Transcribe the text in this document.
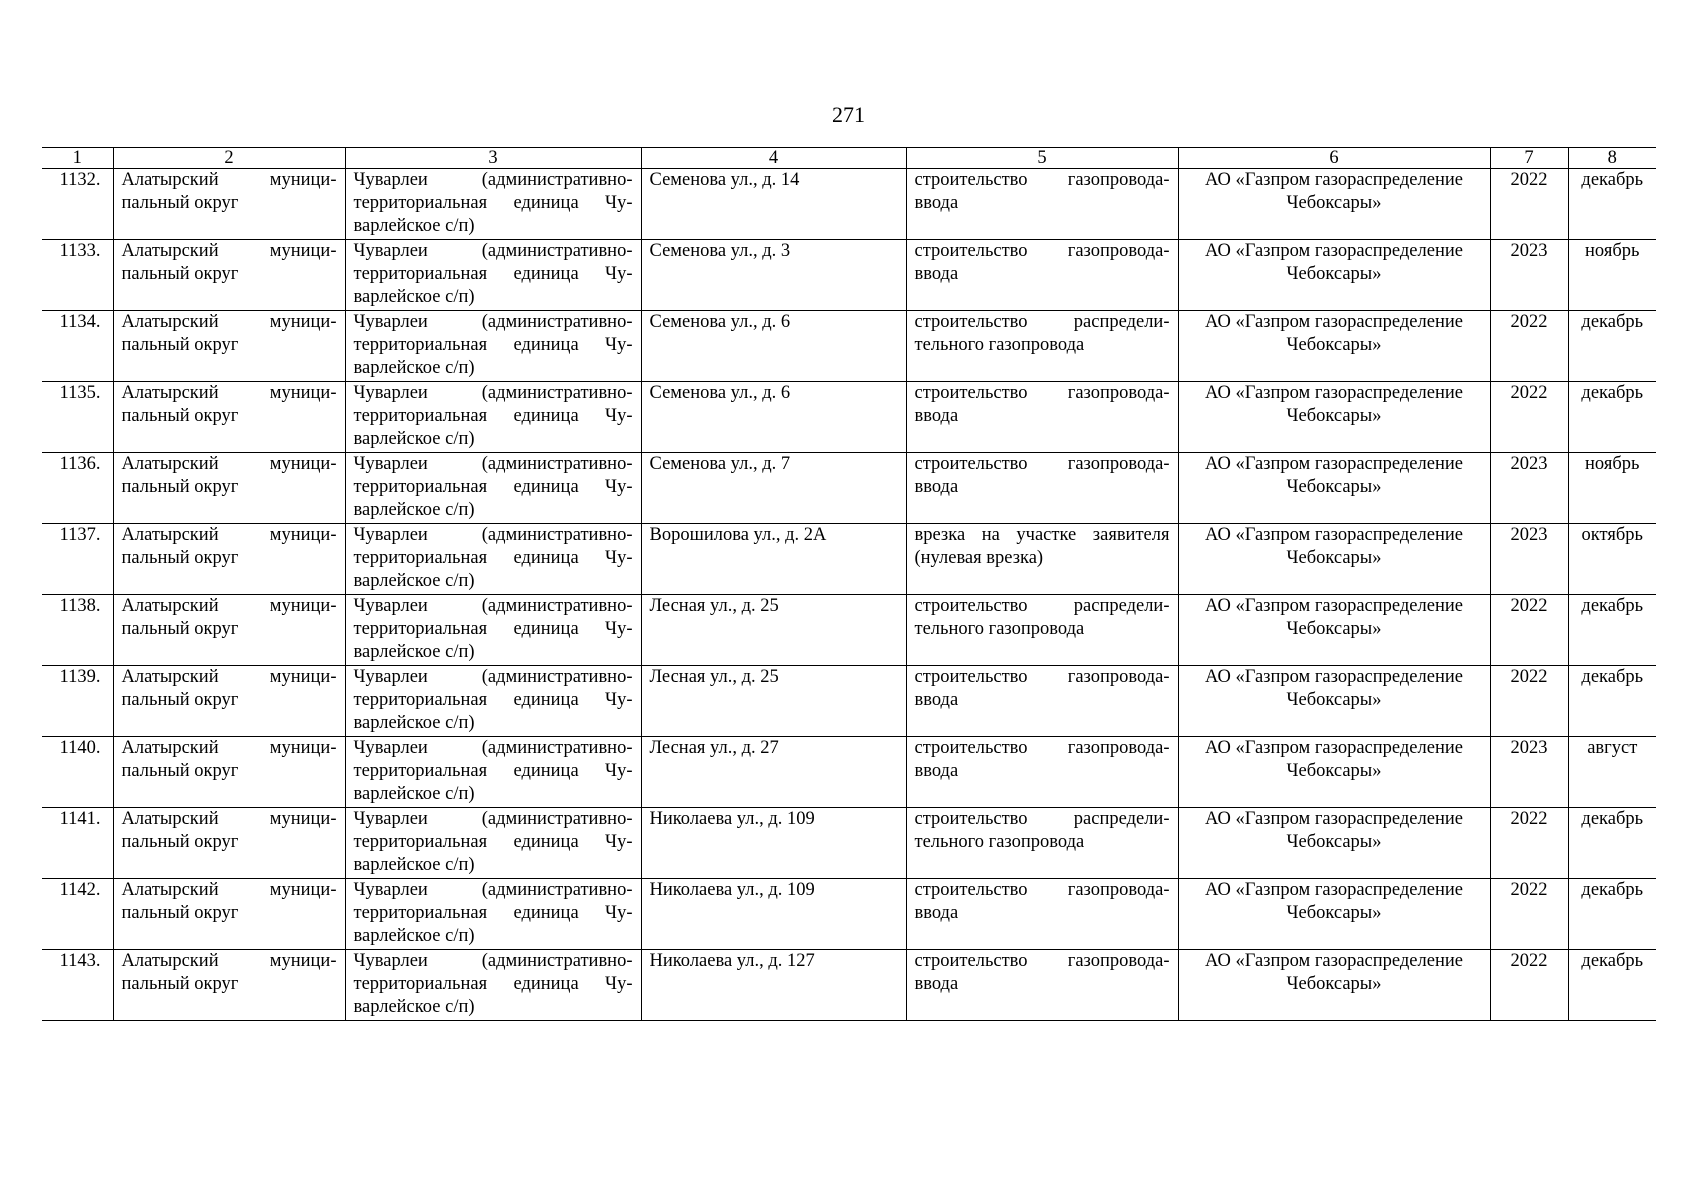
271
1	2	3	4	5	6	7	8
1132.	Алатырский муниципальный округ	Чуварлеи (административно-территориальная единица Чуварлейское с/п)	Семенова ул., д. 14	строительство газопровода-ввода	АО «Газпром газораспределение Чебоксары»	2022	декабрь
1133.	Алатырский муниципальный округ	Чуварлеи (административно-территориальная единица Чуварлейское с/п)	Семенова ул., д. 3	строительство газопровода-ввода	АО «Газпром газораспределение Чебоксары»	2023	ноябрь
1134.	Алатырский муниципальный округ	Чуварлеи (административно-территориальная единица Чуварлейское с/п)	Семенова ул., д. 6	строительство распределительного газопровода	АО «Газпром газораспределение Чебоксары»	2022	декабрь
1135.	Алатырский муниципальный округ	Чуварлеи (административно-территориальная единица Чуварлейское с/п)	Семенова ул., д. 6	строительство газопровода-ввода	АО «Газпром газораспределение Чебоксары»	2022	декабрь
1136.	Алатырский муниципальный округ	Чуварлеи (административно-территориальная единица Чуварлейское с/п)	Семенова ул., д. 7	строительство газопровода-ввода	АО «Газпром газораспределение Чебоксары»	2023	ноябрь
1137.	Алатырский муниципальный округ	Чуварлеи (административно-территориальная единица Чуварлейское с/п)	Ворошилова ул., д. 2А	врезка на участке заявителя (нулевая врезка)	АО «Газпром газораспределение Чебоксары»	2023	октябрь
1138.	Алатырский муниципальный округ	Чуварлеи (административно-территориальная единица Чуварлейское с/п)	Лесная ул., д. 25	строительство распределительного газопровода	АО «Газпром газораспределение Чебоксары»	2022	декабрь
1139.	Алатырский муниципальный округ	Чуварлеи (административно-территориальная единица Чуварлейское с/п)	Лесная ул., д. 25	строительство газопровода-ввода	АО «Газпром газораспределение Чебоксары»	2022	декабрь
1140.	Алатырский муниципальный округ	Чуварлеи (административно-территориальная единица Чуварлейское с/п)	Лесная ул., д. 27	строительство газопровода-ввода	АО «Газпром газораспределение Чебоксары»	2023	август
1141.	Алатырский муниципальный округ	Чуварлеи (административно-территориальная единица Чуварлейское с/п)	Николаева ул., д. 109	строительство распределительного газопровода	АО «Газпром газораспределение Чебоксары»	2022	декабрь
1142.	Алатырский муниципальный округ	Чуварлеи (административно-территориальная единица Чуварлейское с/п)	Николаева ул., д. 109	строительство газопровода-ввода	АО «Газпром газораспределение Чебоксары»	2022	декабрь
1143.	Алатырский муниципальный округ	Чуварлеи (административно-территориальная единица Чуварлейское с/п)	Николаева ул., д. 127	строительство газопровода-ввода	АО «Газпром газораспределение Чебоксары»	2022	декабрь
